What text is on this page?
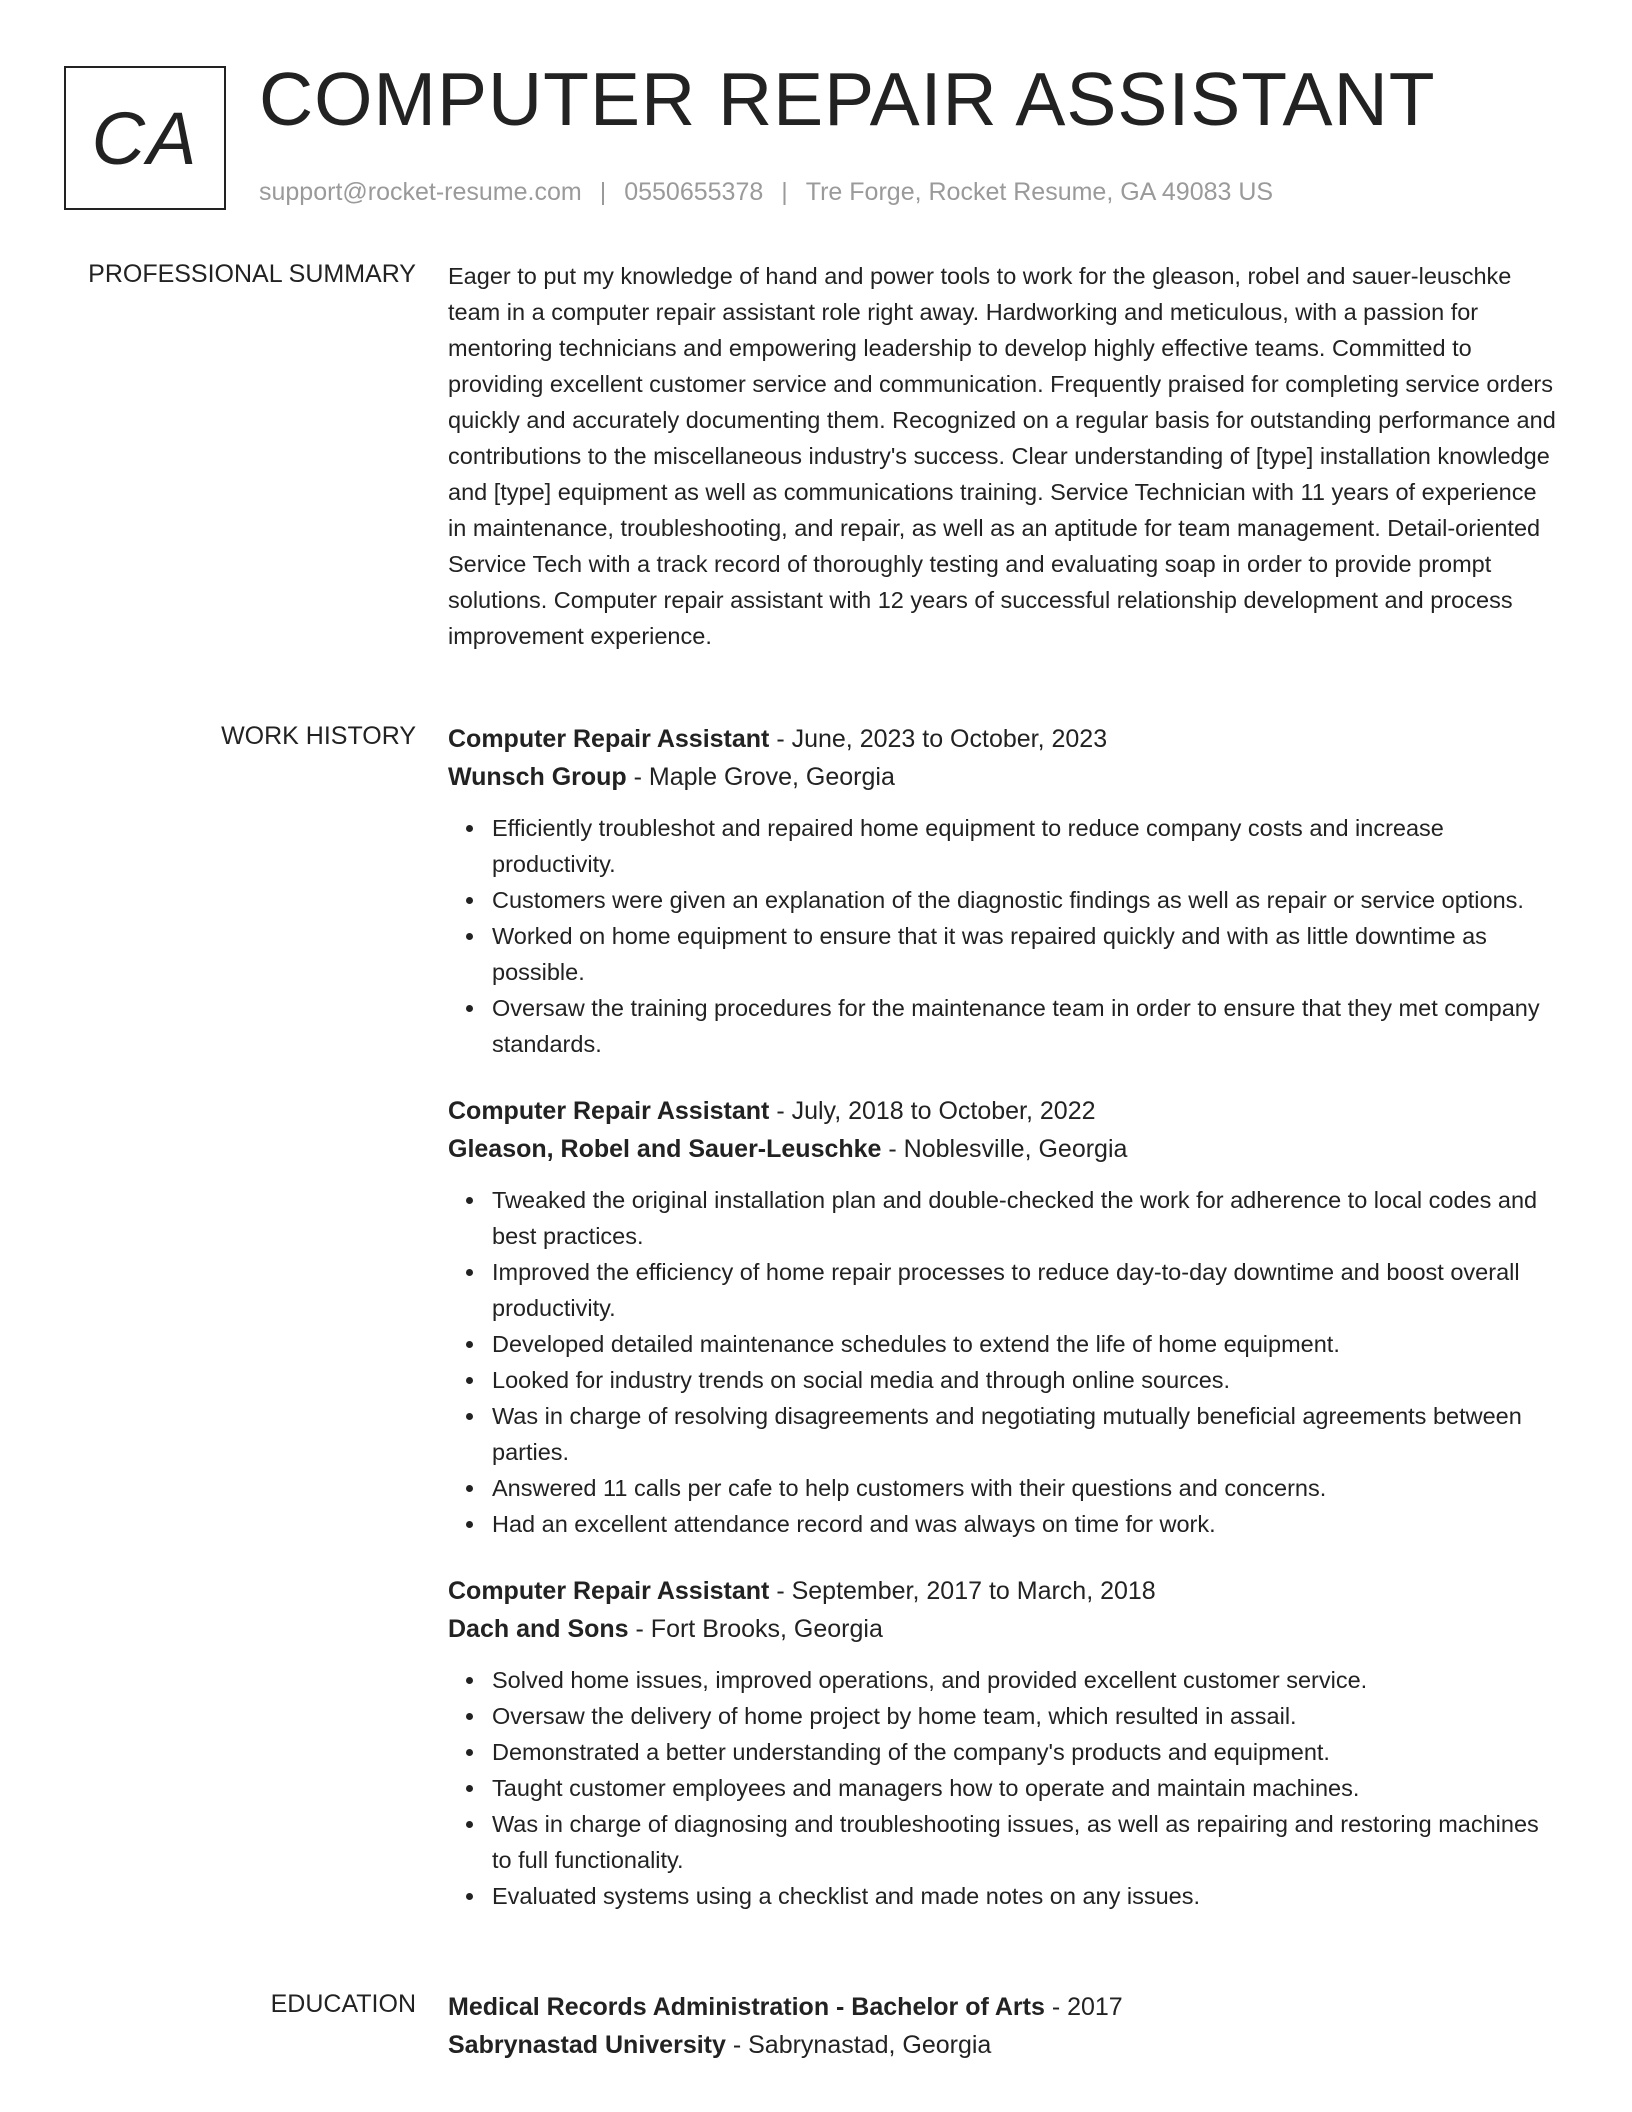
CA COMPUTER REPAIR ASSISTANT
support@rocket-resume.com | 0550655378 | Tre Forge, Rocket Resume, GA 49083 US
PROFESSIONAL SUMMARY Eager to put my knowledge of hand and power tools to work for the gleason, robel and sauer-leuschke team in a computer repair assistant role right away. Hardworking and meticulous, with a passion for mentoring technicians and empowering leadership to develop highly effective teams. Committed to providing excellent customer service and communication. Frequently praised for completing service orders quickly and accurately documenting them. Recognized on a regular basis for outstanding performance and contributions to the miscellaneous industry's success. Clear understanding of [type] installation knowledge and [type] equipment as well as communications training. Service Technician with 11 years of experience in maintenance, troubleshooting, and repair, as well as an aptitude for team management. Detail-oriented Service Tech with a track record of thoroughly testing and evaluating soap in order to provide prompt solutions. Computer repair assistant with 12 years of successful relationship development and process improvement experience.

WORK HISTORY Computer Repair Assistant - June, 2023 to October, 2023
Wunsch Group - Maple Grove, Georgia
Efficiently troubleshot and repaired home equipment to reduce company costs and increase productivity.
Customers were given an explanation of the diagnostic findings as well as repair or service options.
Worked on home equipment to ensure that it was repaired quickly and with as little downtime as possible.
Oversaw the training procedures for the maintenance team in order to ensure that they met company standards.
Computer Repair Assistant - July, 2018 to October, 2022
Gleason, Robel and Sauer-Leuschke - Noblesville, Georgia
Tweaked the original installation plan and double-checked the work for adherence to local codes and best practices.
Improved the efficiency of home repair processes to reduce day-to-day downtime and boost overall productivity.
Developed detailed maintenance schedules to extend the life of home equipment.
Looked for industry trends on social media and through online sources.
Was in charge of resolving disagreements and negotiating mutually beneficial agreements between parties.
Answered 11 calls per cafe to help customers with their questions and concerns.
Had an excellent attendance record and was always on time for work.
Computer Repair Assistant - September, 2017 to March, 2018
Dach and Sons - Fort Brooks, Georgia
Solved home issues, improved operations, and provided excellent customer service.
Oversaw the delivery of home project by home team, which resulted in assail.
Demonstrated a better understanding of the company's products and equipment.
Taught customer employees and managers how to operate and maintain machines.
Was in charge of diagnosing and troubleshooting issues, as well as repairing and restoring machines to full functionality.
Evaluated systems using a checklist and made notes on any issues.
EDUCATION Medical Records Administration - Bachelor of Arts - 2017
Sabrynastad University - Sabrynastad, Georgia
